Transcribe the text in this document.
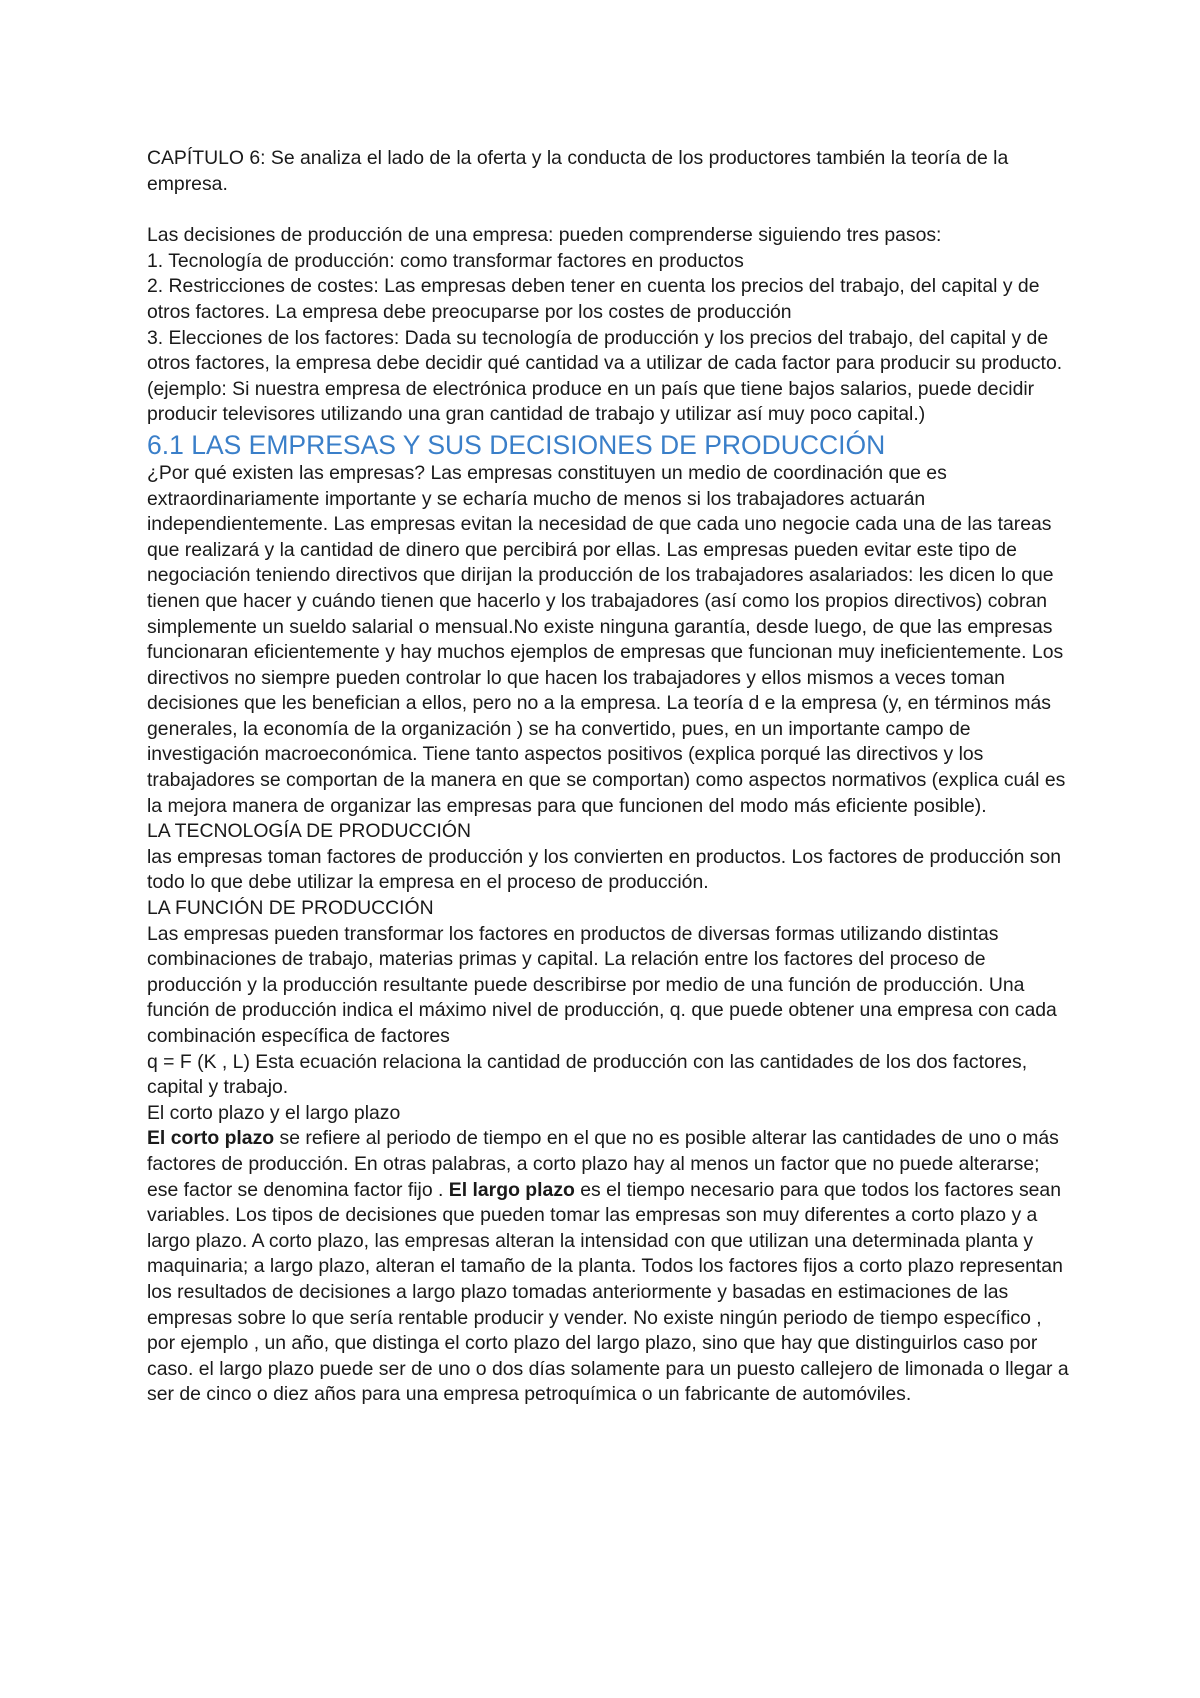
CAPÍTULO 6: Se analiza el lado de la oferta y la conducta de los productores también la teoría de la empresa.

Las decisiones de producción de una empresa: pueden comprenderse siguiendo tres pasos:

1. Tecnología de producción: como transformar factores en productos

2. Restricciones de costes: Las empresas deben tener en cuenta los precios del trabajo, del capital y de otros factores. La empresa debe preocuparse por los costes de producción

3. Elecciones de los factores: Dada su tecnología de producción y los precios del trabajo, del capital y de otros factores, la empresa debe decidir qué cantidad va a utilizar de cada factor para producir su producto. (ejemplo: Si nuestra empresa de electrónica produce en un país que tiene bajos salarios, puede decidir producir televisores utilizando una gran cantidad de trabajo y utilizar así muy poco capital.)

6.1 LAS EMPRESAS Y SUS DECISIONES DE PRODUCCIÓN

¿Por qué existen las empresas? Las empresas constituyen un medio de coordinación que es extraordinariamente importante y se echaría mucho de menos si los trabajadores actuarán independientemente. Las empresas evitan la necesidad de que cada uno negocie cada una de las tareas que realizará y la cantidad de dinero que percibirá por ellas. Las empresas pueden evitar este tipo de negociación teniendo directivos que dirijan la producción de los trabajadores asalariados: les dicen lo que tienen que hacer y cuándo tienen que hacerlo y los trabajadores (así como los propios directivos) cobran simplemente un sueldo salarial o mensual.No existe ninguna garantía, desde luego, de que las empresas funcionaran eficientemente y hay muchos ejemplos de empresas que funcionan muy ineficientemente. Los directivos no siempre pueden controlar lo que hacen los trabajadores y ellos mismos a veces toman decisiones que les benefician a ellos, pero no a la empresa. La teoría d e la empresa (y, en términos más generales, la economía de la organización ) se ha convertido, pues, en un importante campo de investigación macroeconómica. Tiene tanto aspectos positivos (explica porqué las directivos y los trabajadores se comportan de la manera en que se comportan) como aspectos normativos (explica cuál es la mejora manera de organizar las empresas para que funcionen del modo más eficiente posible).

LA TECNOLOGÍA DE PRODUCCIÓN

las empresas toman factores de producción y los convierten en productos. Los factores de producción son todo lo que debe utilizar la empresa en el proceso de producción.

LA FUNCIÓN DE PRODUCCIÓN

Las empresas pueden transformar los factores en productos de diversas formas utilizando distintas combinaciones de trabajo, materias primas y capital. La relación entre los factores del proceso de producción y la producción resultante puede describirse por medio de una función de producción. Una función de producción indica el máximo nivel de producción, q. que puede obtener una empresa con cada combinación específica de factores

q = F (K , L) Esta ecuación relaciona la cantidad de producción con las cantidades de los dos factores, capital y trabajo.

El corto plazo y el largo plazo

El corto plazo se refiere al periodo de tiempo en el que no es posible alterar las cantidades de uno o más factores de producción. En otras palabras, a corto plazo hay al menos un factor que no puede alterarse; ese factor se denomina factor fijo . El largo plazo es el tiempo necesario para que todos los factores sean variables. Los tipos de decisiones que pueden tomar las empresas son muy diferentes a corto plazo y a largo plazo. A corto plazo, las empresas alteran la intensidad con que utilizan una determinada planta y maquinaria; a largo plazo, alteran el tamaño de la planta. Todos los factores fijos a corto plazo representan los resultados de decisiones a largo plazo tomadas anteriormente y basadas en estimaciones de las empresas sobre lo que sería rentable producir y vender. No existe ningún periodo de tiempo específico , por ejemplo , un año, que distinga el corto plazo del largo plazo, sino que hay que distinguirlos caso por caso. el largo plazo puede ser de uno o dos días solamente para un puesto callejero de limonada o llegar a ser de cinco o diez años para una empresa petroquímica o un fabricante de automóviles.
